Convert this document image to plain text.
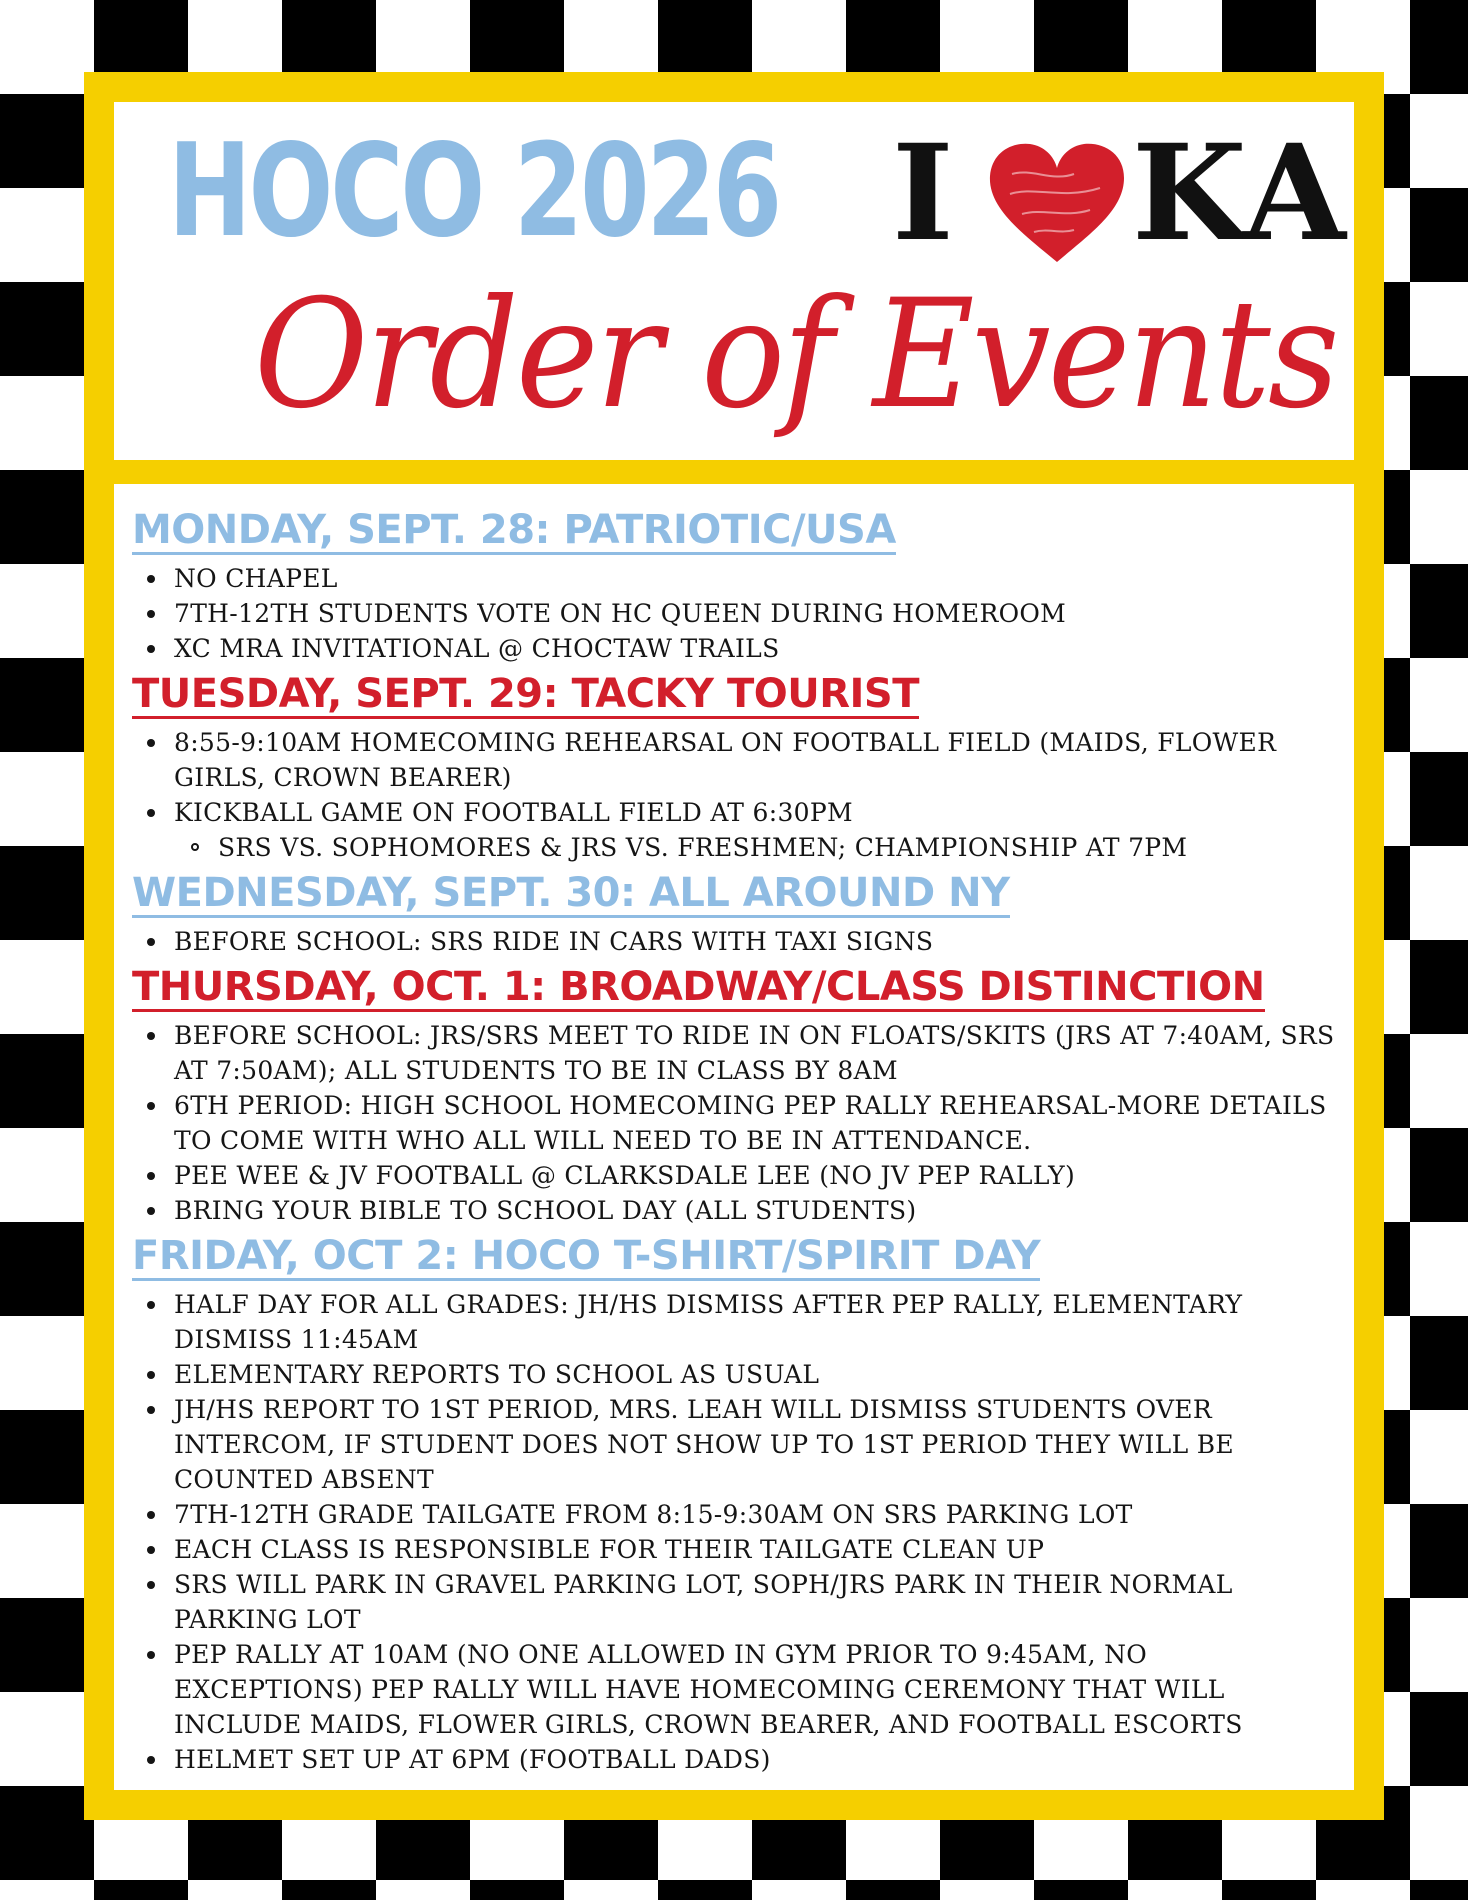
HOCO 2026 I KA
Order of Events
MONDAY, SEPT. 28: PATRIOTIC/USA
NO CHAPEL
7TH-12TH STUDENTS VOTE ON HC QUEEN DURING HOMEROOM
XC MRA INVITATIONAL @ CHOCTAW TRAILS
TUESDAY, SEPT. 29: TACKY TOURIST
8:55-9:10AM HOMECOMING REHEARSAL ON FOOTBALL FIELD (MAIDS, FLOWER GIRLS, CROWN BEARER)
KICKBALL GAME ON FOOTBALL FIELD AT 6:30PM
SRS VS. SOPHOMORES & JRS VS. FRESHMEN; CHAMPIONSHIP AT 7PM
WEDNESDAY, SEPT. 30: ALL AROUND NY
BEFORE SCHOOL: SRS RIDE IN CARS WITH TAXI SIGNS
THURSDAY, OCT. 1: BROADWAY/CLASS DISTINCTION
BEFORE SCHOOL: JRS/SRS MEET TO RIDE IN ON FLOATS/SKITS (JRS AT 7:40AM, SRS AT 7:50AM); ALL STUDENTS TO BE IN CLASS BY 8AM
6TH PERIOD: HIGH SCHOOL HOMECOMING PEP RALLY REHEARSAL-MORE DETAILS TO COME WITH WHO ALL WILL NEED TO BE IN ATTENDANCE.
PEE WEE & JV FOOTBALL @ CLARKSDALE LEE (NO JV PEP RALLY)
BRING YOUR BIBLE TO SCHOOL DAY (ALL STUDENTS)
FRIDAY, OCT 2: HOCO T-SHIRT/SPIRIT DAY
HALF DAY FOR ALL GRADES: JH/HS DISMISS AFTER PEP RALLY, ELEMENTARY DISMISS 11:45AM
ELEMENTARY REPORTS TO SCHOOL AS USUAL
JH/HS REPORT TO 1ST PERIOD, MRS. LEAH WILL DISMISS STUDENTS OVER INTERCOM, IF STUDENT DOES NOT SHOW UP TO 1ST PERIOD THEY WILL BE COUNTED ABSENT
7TH-12TH GRADE TAILGATE FROM 8:15-9:30AM ON SRS PARKING LOT
EACH CLASS IS RESPONSIBLE FOR THEIR TAILGATE CLEAN UP
SRS WILL PARK IN GRAVEL PARKING LOT, SOPH/JRS PARK IN THEIR NORMAL PARKING LOT
PEP RALLY AT 10AM (NO ONE ALLOWED IN GYM PRIOR TO 9:45AM, NO EXCEPTIONS) PEP RALLY WILL HAVE HOMECOMING CEREMONY THAT WILL INCLUDE MAIDS, FLOWER GIRLS, CROWN BEARER, AND FOOTBALL ESCORTS
HELMET SET UP AT 6PM (FOOTBALL DADS)
